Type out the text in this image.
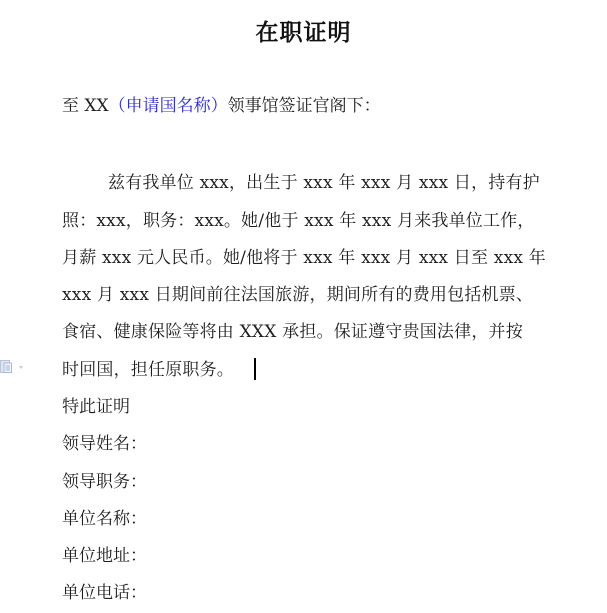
在职证明
至 XX（申请国名称）领事馆签证官阁下：
兹有我单位 xxx，出生于 xxx 年 xxx 月 xxx 日，持有护
照：xxx，职务：xxx。她/他于 xxx 年 xxx 月来我单位工作，
月薪 xxx 元人民币。她/他将于 xxx 年 xxx 月 xxx 日至 xxx 年
xxx 月 xxx 日期间前往法国旅游，期间所有的费用包括机票、
食宿、健康保险等将由 XXX 承担。保证遵守贵国法律，并按
时回国，担任原职务。
特此证明
领导姓名：
领导职务：
单位名称：
单位地址：
单位电话：
